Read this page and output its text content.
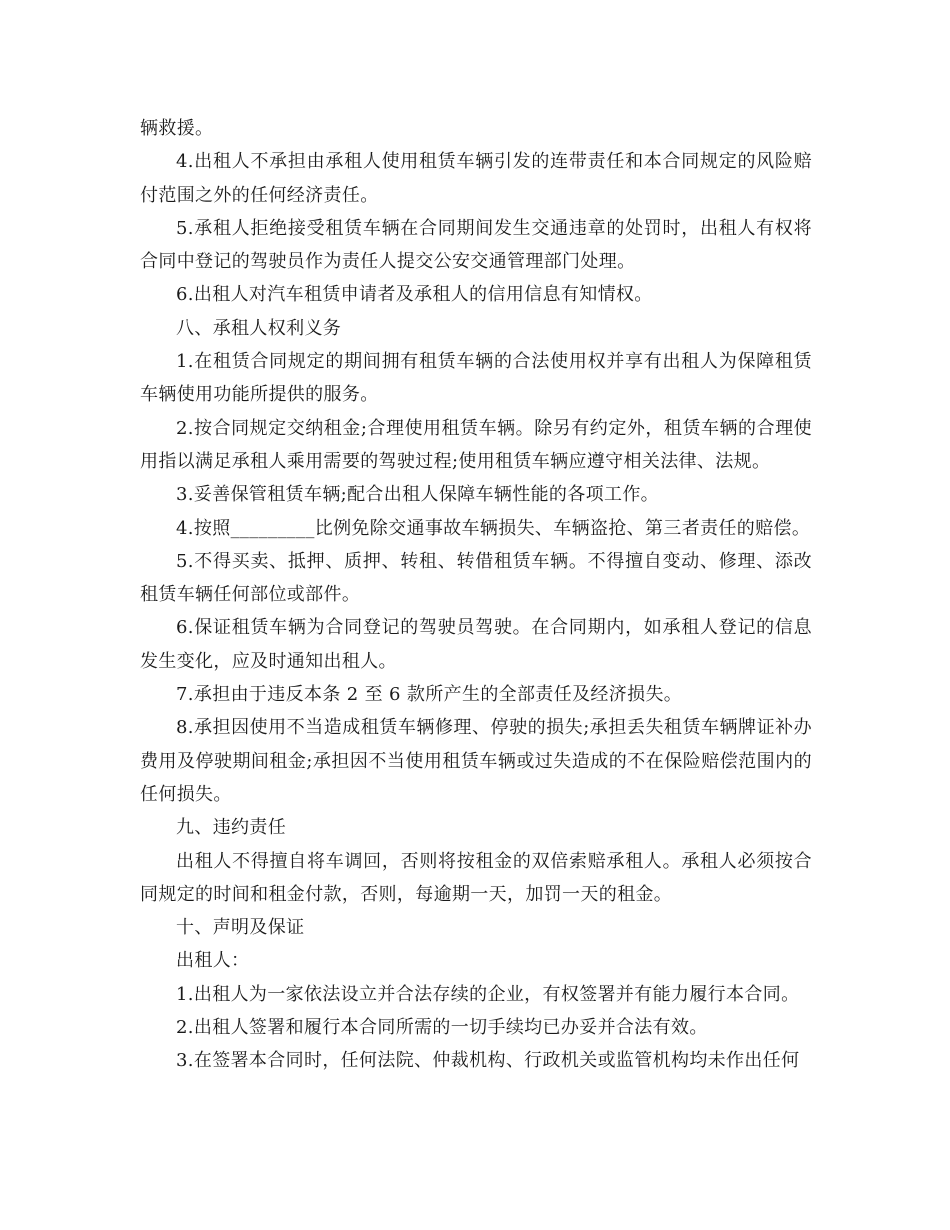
辆救援。

4.出租人不承担由承租人使用租赁车辆引发的连带责任和本合同规定的风险赔付范围之外的任何经济责任。

5.承租人拒绝接受租赁车辆在合同期间发生交通违章的处罚时，出租人有权将合同中登记的驾驶员作为责任人提交公安交通管理部门处理。

6.出租人对汽车租赁申请者及承租人的信用信息有知情权。

八、承租人权利义务

1.在租赁合同规定的期间拥有租赁车辆的合法使用权并享有出租人为保障租赁车辆使用功能所提供的服务。

2.按合同规定交纳租金;合理使用租赁车辆。除另有约定外，租赁车辆的合理使用指以满足承租人乘用需要的驾驶过程;使用租赁车辆应遵守相关法律、法规。

3.妥善保管租赁车辆;配合出租人保障车辆性能的各项工作。

4.按照_________比例免除交通事故车辆损失、车辆盗抢、第三者责任的赔偿。

5.不得买卖、抵押、质押、转租、转借租赁车辆。不得擅自变动、修理、添改租赁车辆任何部位或部件。

6.保证租赁车辆为合同登记的驾驶员驾驶。在合同期内，如承租人登记的信息发生变化，应及时通知出租人。

7.承担由于违反本条 2 至 6 款所产生的全部责任及经济损失。

8.承担因使用不当造成租赁车辆修理、停驶的损失;承担丢失租赁车辆牌证补办费用及停驶期间租金;承担因不当使用租赁车辆或过失造成的不在保险赔偿范围内的任何损失。

九、违约责任

出租人不得擅自将车调回，否则将按租金的双倍索赔承租人。承租人必须按合同规定的时间和租金付款，否则，每逾期一天，加罚一天的租金。

十、声明及保证

出租人：

1.出租人为一家依法设立并合法存续的企业，有权签署并有能力履行本合同。

2.出租人签署和履行本合同所需的一切手续均已办妥并合法有效。

3.在签署本合同时，任何法院、仲裁机构、行政机关或监管机构均未作出任何
